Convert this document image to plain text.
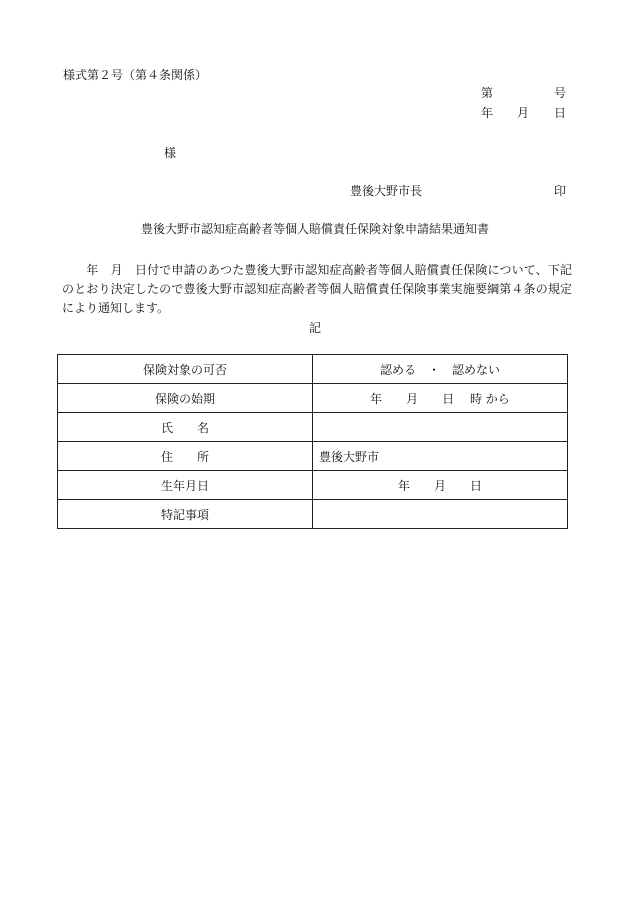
様式第２号（第４条関係）
第	号
年 月 日
様
豊後大野市長	印
豊後大野市認知症高齢者等個人賠償責任保険対象申請結果通知書
　　年　月　日付で申請のあつた豊後大野市認知症高齢者等個人賠償責任保険について、下記のとおり決定したので豊後大野市認知症高齢者等個人賠償責任保険事業実施要綱第４条の規定により通知します。
記
保険対象の可否	認める　・　認めない
保険の始期	年　　月　　日　 時 から
氏　　名	
住　　所	豊後大野市
生年月日	年　　月　　日
特記事項	
